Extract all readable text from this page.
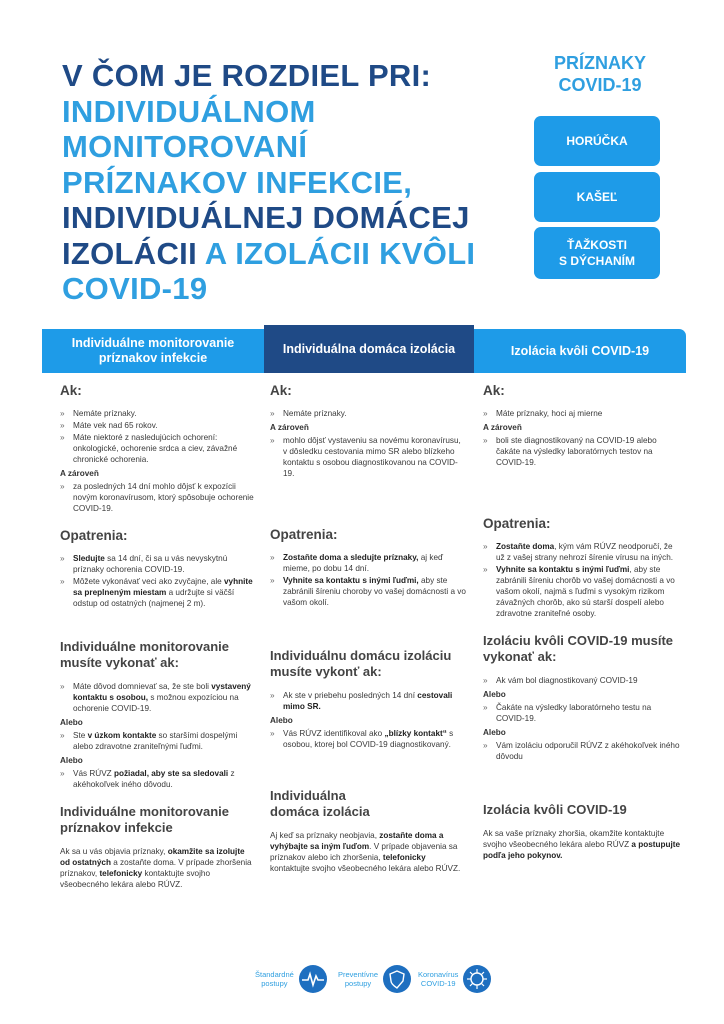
V ČOM JE ROZDIEL PRI:
INDIVIDUÁLNOM
MONITOROVANÍ
PRÍZNAKOV INFEKCIE,
INDIVIDUÁLNEJ DOMÁCEJ
IZOLÁCII A IZOLÁCII KVÔLI
COVID-19
PRÍZNAKY
COVID-19
HORÚČKA
KAŠEĽ
ŤAŽKOSTI
S DÝCHANÍM
Individuálne monitorovanie
príznakov infekcie
Individuálna domáca izolácia	Izolácia kvôli COVID-19
Ak:
» Nemáte príznaky.
» Máte vek nad 65 rokov.
» Máte niektoré z nasledujúcich ochorení: onkologické, ochorenie srdca a ciev, závažné chronické ochorenia.
A zároveň
» za posledných 14 dní mohlo dôjsť k expozícii novým koronavírusom, ktorý spôsobuje ochorenie COVID-19.
Opatrenia:
» Sledujte sa 14 dní, či sa u vás nevyskytnú príznaky ochorenia COVID-19.
» Môžete vykonávať veci ako zvyčajne, ale vyhnite sa preplneným miestam a udržujte si väčší odstup od ostatných (najmenej 2 m).
Individuálne monitorovanie musíte vykonať ak:
» Máte dôvod domnievať sa, že ste boli vystavený kontaktu s osobou, s možnou expozíciou na ochorenie COVID-19.
Alebo
» Ste v úzkom kontakte so staršími dospelými alebo zdravotne zraniteľnými ľuďmi.
Alebo
» Vás RÚVZ požiadal, aby ste sa sledovali z akéhokoľvek iného dôvodu.
Individuálne monitorovanie príznakov infekcie

Ak sa u vás objavia príznaky, okamžite sa izolujte od ostatných a zostaňte doma. V prípade zhoršenia príznakov, telefonicky kontaktujte svojho všeobecného lekára alebo RÚVZ.

Ak:
» Nemáte príznaky.
A zároveň
» mohlo dôjsť vystaveniu sa novému koronavírusu, v dôsledku cestovania mimo SR alebo blízkeho kontaktu s osobou diagnostikovanou na COVID-19.
Opatrenia:
» Zostaňte doma a sledujte príznaky, aj keď mieme, po dobu 14 dní.
» Vyhnite sa kontaktu s inými ľuďmi, aby ste zabránili šíreniu choroby vo vašej domácnosti a vo vašom okolí.
Individuálnu domácu izoláciu musíte vykonť ak:
» Ak ste v priebehu posledných 14 dní cestovali mimo SR.
Alebo
» Vás RÚVZ identifikoval ako „blízky kontakt“ s osobou, ktorej bol COVID-19 diagnostikovaný.
Individuálna domáca izolácia

Aj keď sa príznaky neobjavia, zostaňte doma a vyhýbajte sa iným ľuďom. V prípade objavenia sa príznakov alebo ich zhoršenia, telefonicky kontaktujte svojho všeobecného lekára alebo RÚVZ.

Ak:
» Máte príznaky, hoci aj mierne
A zároveň
» boli ste diagnostikovaný na COVID-19 alebo čakáte na výsledky laboratórnych testov na COVID-19.
Opatrenia:
» Zostaňte doma, kým vám RÚVZ neodporučí, že už z vašej strany nehrozí šírenie vírusu na iných.
» Vyhnite sa kontaktu s inými ľuďmi, aby ste zabránili šíreniu chorôb vo vašej domácnosti a vo vašom okolí, najmä s ľuďmi s vysokým rizikom závažných chorôb, ako sú starší dospelí alebo zdravotne zraniteľné osoby.
Izoláciu kvôli COVID-19 musíte vykonať ak:
» Ak vám bol diagnostikovaný COVID-19
Alebo
» Čakáte na výsledky laboratórneho testu na COVID-19.
Alebo
» Vám izoláciu odporučil RÚVZ z akéhokoľvek iného dôvodu
Izolácia kvôli COVID-19

Ak sa vaše príznaky zhoršia, okamžite kontaktujte svojho všeobecného lekára alebo RÚVZ a postupujte podľa jeho pokynov.

Štandardné
postupy
Preventívne
postupy
Koronavírus
COVID-19
